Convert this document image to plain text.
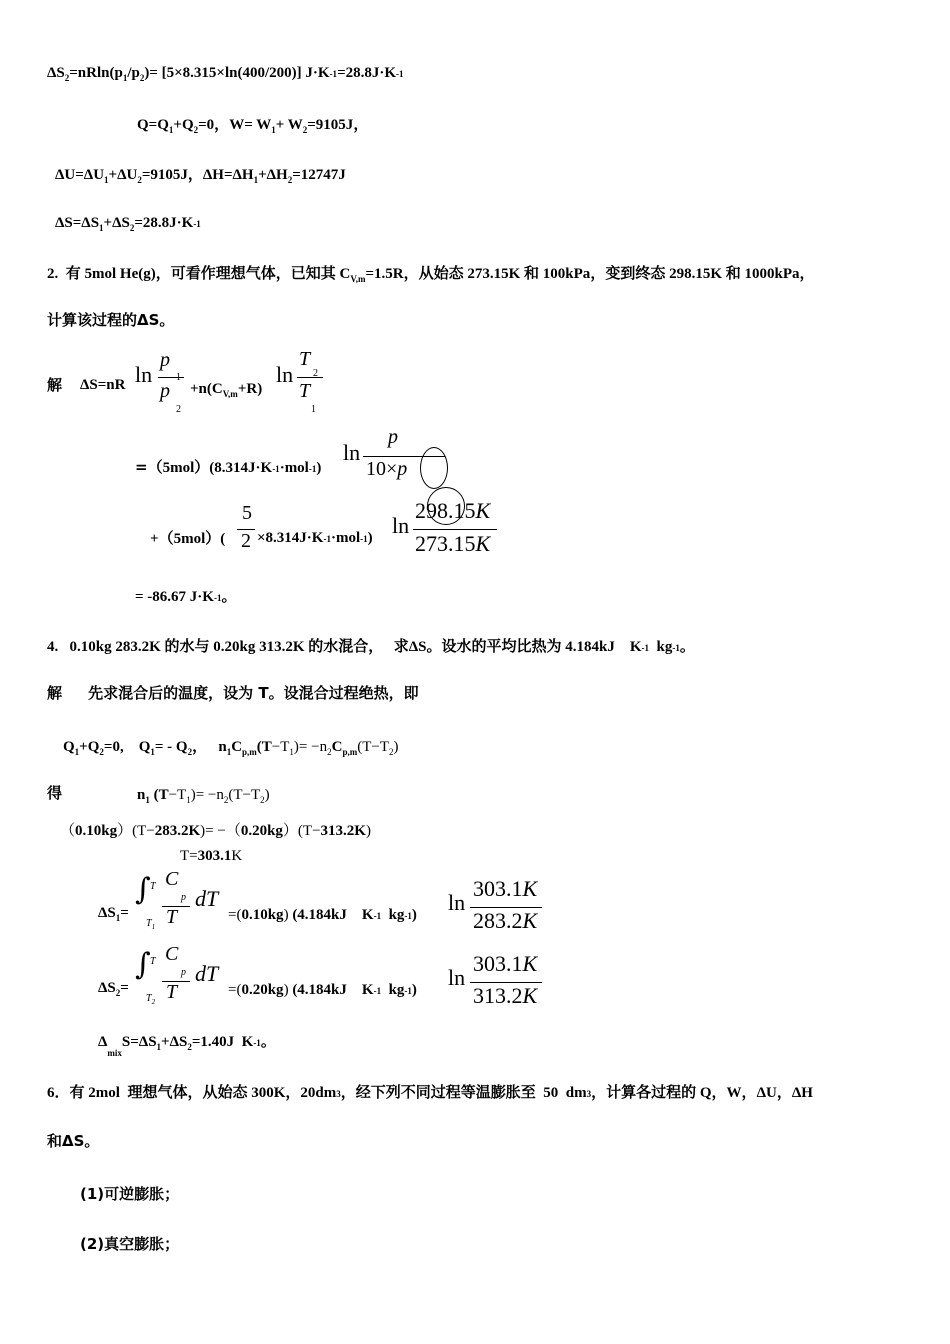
$\Delta S_2=nRln(p_1/p_2)= [5\times 8.315\times\ln(400/200)]$ J·K-1=28.8J·K-1
$Q=Q_1+Q_2=0$，$W= W_1+ W_2=9105J$，
$\Delta U=\Delta U_1+\Delta U_2=9105J$，$\Delta H=\Delta H_1+\Delta H_2=12747J$
$\Delta S=\Delta S_1+\Delta S_2=28.8J\cdot K-1$
2.  有 5mol He(g)，可看作理想气体，已知其 $C_{V,m}=1.5R$，从始态 273.15K 和 100kPa，变到终态 298.15K 和 1000kPa，
计算该过程的ΔS。
解 ΔS=nR ln
p
1
p
2
$+n(C_{V,m}+R)$
ln
T
2
T
1
=（5mol）(8.314J·K-1·mol-1)
ln
p
10×p
+（5mol）(
5
2 ×8.314J·K-1·mol-1) ln
298.15K
273.15K
= -86.67 J·K-1。
4.   0.10kg 283.2K 的水与 0.20kg 313.2K 的水混合，  求ΔS。设水的平均比热为 4.184kJ    K-1  kg-1。
解     先求混合后的温度，设为 T。设混合过程绝热，即
$Q_1+Q_2=0$,    $Q_1= - Q_2$，   $n_1C_{p,m}(T-T_1)= -n_2C_{p,m}(T-T_2)$
得	$n_1$ $(T-T_1)= -n_2(T-T_2)$
（0.10kg）(T−283.2K)= −（0.20kg）(T−313.2K)
T=303.1K
$\Delta S_1=$
∫ T
$T_1$
C
p
T
dT
=(0.10kg) (4.184kJ    K-1  kg-1) ln
303.1K
283.2K
$\Delta S_2=$
∫ T
$T_2$
C
p
T
dT
=(0.20kg) (4.184kJ    K-1  kg-1) ln
303.1K
313.2K
$\Delta_{mix}S=\Delta S_1+\Delta S_2=1.40J$  K-1。
6．有 2mol  理想气体，从始态 300K，20dm3，经下列不同过程等温膨胀至  50  dm3，计算各过程的 Q，W，ΔU，ΔH
和ΔS。
(1)可逆膨胀；
(2)真空膨胀；
